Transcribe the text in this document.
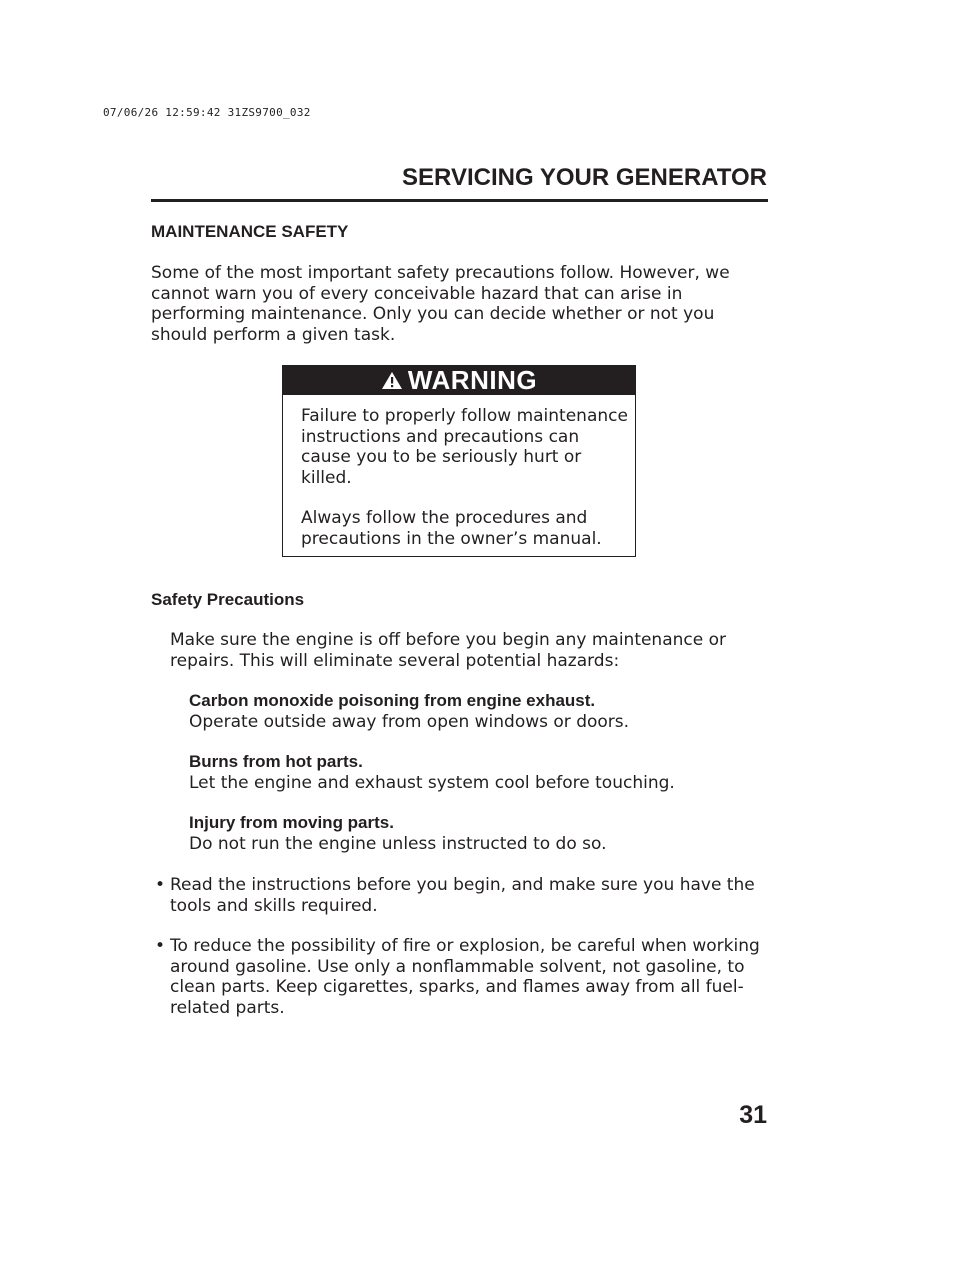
07/06/26 12:59:42 31ZS9700_032
SERVICING YOUR GENERATOR
MAINTENANCE SAFETY
Some of the most important safety precautions follow. However, we cannot warn you of every conceivable hazard that can arise in performing maintenance. Only you can decide whether or not you should perform a given task.
WARNING

Failure to properly follow maintenance instructions and precautions can cause you to be seriously hurt or killed.

Always follow the procedures and precautions in the owner’s manual.

Safety Precautions
Make sure the engine is off before you begin any maintenance or repairs. This will eliminate several potential hazards:
Carbon monoxide poisoning from engine exhaust.
Operate outside away from open windows or doors.
Burns from hot parts.
Let the engine and exhaust system cool before touching.
Injury from moving parts.
Do not run the engine unless instructed to do so.
• Read the instructions before you begin, and make sure you have the tools and skills required.
• To reduce the possibility of fire or explosion, be careful when working around gasoline. Use only a nonflammable solvent, not gasoline, to clean parts. Keep cigarettes, sparks, and flames away from all fuel-related parts.
31
